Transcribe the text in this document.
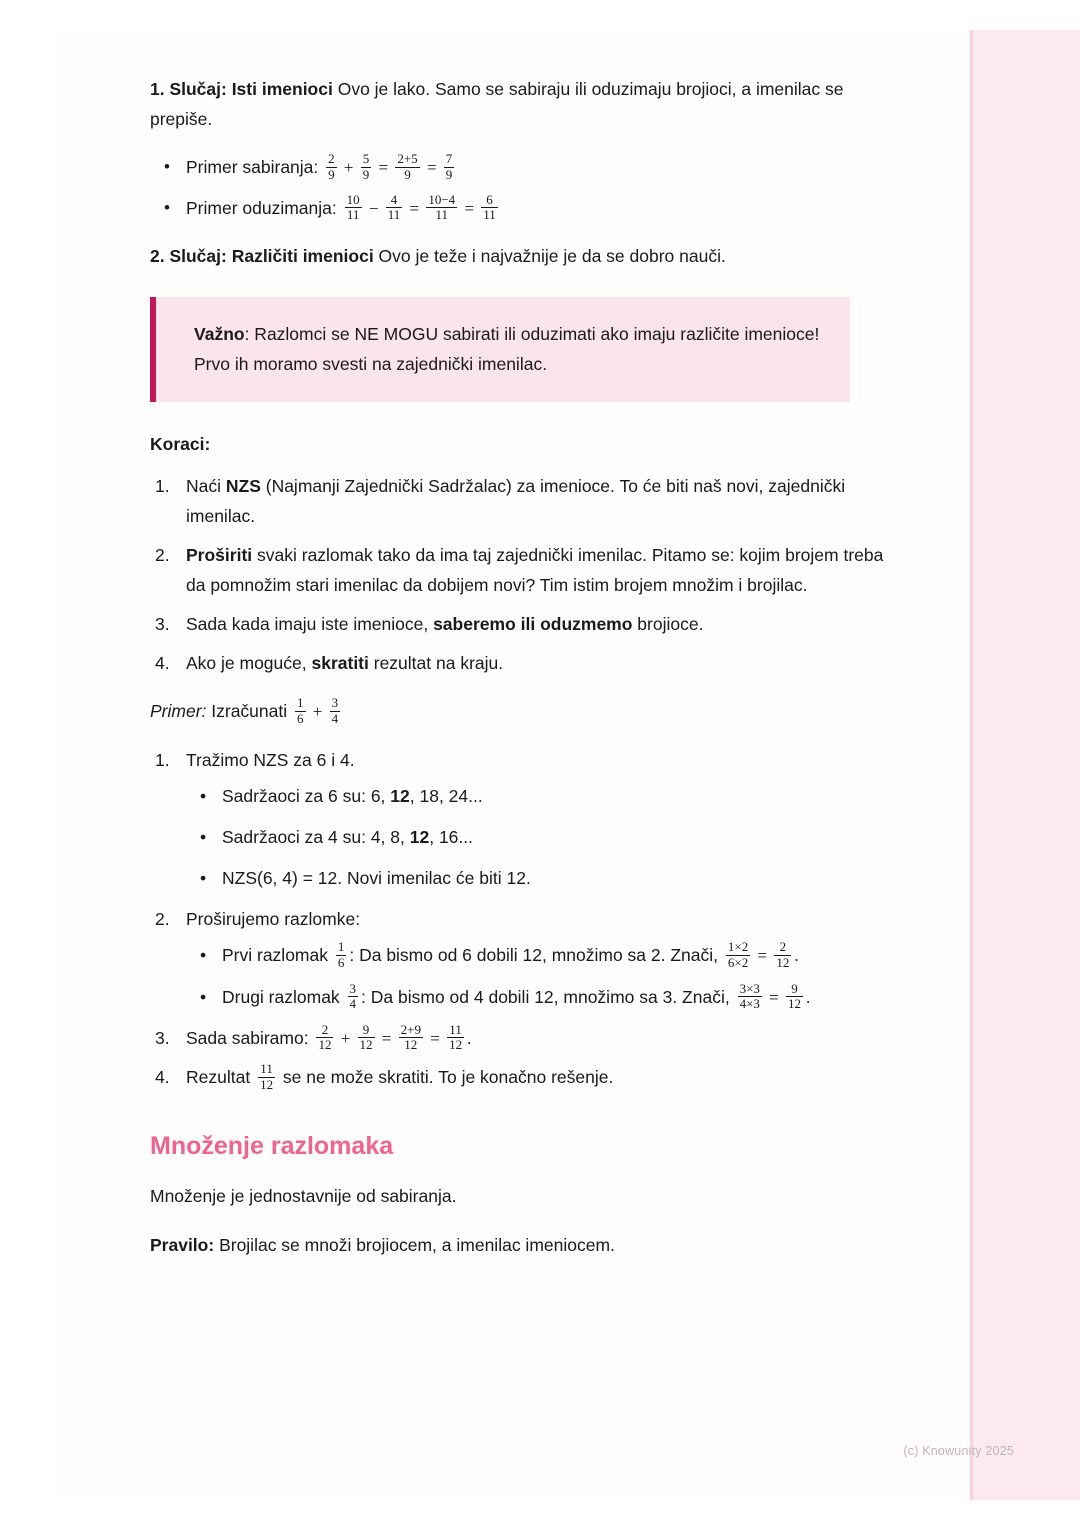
1. Slučaj: Isti imenioci Ovo je lako. Samo se sabiraju ili oduzimaju brojioci, a imenilac se prepiše.

• Primer sabiranja: $\frac{2}{9} + \frac{5}{9} = \frac{2+5}{9} = \frac{7}{9}$
• Primer oduzimanja: $\frac{10}{11} - \frac{4}{11} = \frac{10-4}{11} = \frac{6}{11}$

2. Slučaj: Različiti imenioci Ovo je teže i najvažnije je da se dobro nauči.

Važno: Razlomci se NE MOGU sabirati ili oduzimati ako imaju različite imenioce! Prvo ih moramo svesti na zajednički imenilac.

Koraci:
Naći NZS (Najmanji Zajednički Sadržalac) za imenioce. To će biti naš novi, zajednički imenilac.
Proširiti svaki razlomak tako da ima taj zajednički imenilac. Pitamo se: kojim brojem treba da pomnožim stari imenilac da dobijem novi? Tim istim brojem množim i brojilac.
Sada kada imaju iste imenioce, saberemo ili oduzmemo brojioce.
Ako je moguće, skratiti rezultat na kraju.

Primer: Izračunati $\frac{1}{6} + \frac{3}{4}$

Tražimo NZS za 6 i 4.
• Sadržaoci za 6 su: 6, 12, 18, 24...
• Sadržaoci za 4 su: 4, 8, 12, 16...
• NZS(6, 4) = 12. Novi imenilac će biti 12.
Proširujemo razlomke:
• Prvi razlomak $\frac{1}{6}$ : Da bismo od 6 dobili 12, množimo sa 2. Znači, $\frac{1\times 2}{6\times 2} = \frac{2}{12}$ .
• Drugi razlomak $\frac{3}{4}$ : Da bismo od 4 dobili 12, množimo sa 3. Znači, $\frac{3\times 3}{4\times 3} = \frac{9}{12}$ .
Sada sabiramo: $\frac{2}{12} + \frac{9}{12} = \frac{2+9}{12} = \frac{11}{12}$ .
Rezultat $\frac{11}{12}$ se ne može skratiti. To je konačno rešenje.
Množenje razlomaka

Množenje je jednostavnije od sabiranja.

Pravilo: Brojilac se množi brojiocem, a imenilac imeniocem.

(c) Knowunity 2025
